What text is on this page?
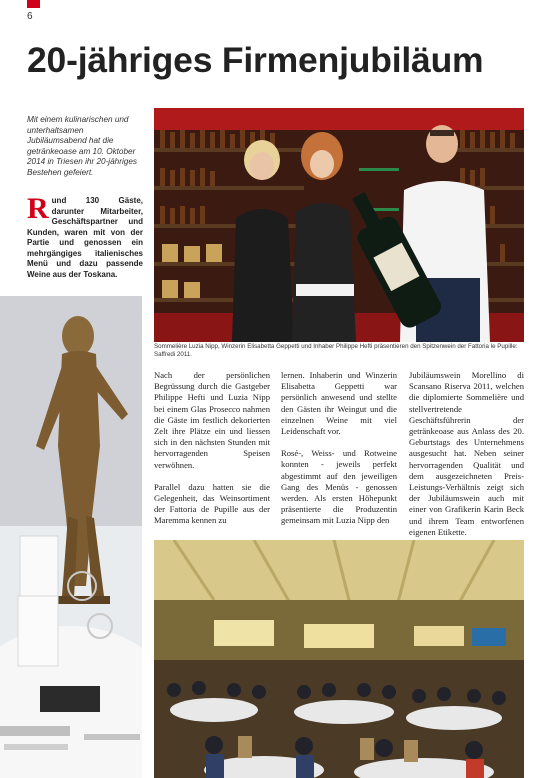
6
20-jähriges Firmenjubiläum
Mit einem kulinarischen und unterhaltsamen Jubiläumsabend hat die getränkeoase am 10. Oktober 2014 in Triesen ihr 20-jähriges Bestehen gefeiert.
R und 130 Gäste, darunter Mitarbeiter, Geschäftspartner und Kunden, waren mit von der Partie und genossen ein mehrgängiges italienisches Menü und dazu passende Weine aus der Toskana.
Sommelière Luzia Nipp, Winzerin Elisabetta Geppetti und Inhaber Philippe Hefti präsentieren den Spitzenwein der Fattoria le Pupille: Saffredi 2011.

Nach der persönlichen Begrüssung durch die Gastgeber Philippe Hefti und Luzia Nipp bei einem Glas Prosecco nahmen die Gäste im festlich dekorierten Zelt ihre Plätze ein und liessen sich in den nächsten Stunden mit hervorragenden Speisen verwöhnen.

Parallel dazu hatten sie die Gelegenheit, das Weinsortiment der Fattoria de Pupille aus der Maremma kennen zu

lernen. Inhaberin und Winzerin Elisabetta Geppetti war persönlich anwesend und stellte den Gästen ihr Weingut und die einzelnen Weine mit viel Leidenschaft vor.

Rosé-, Weiss- und Rotweine konnten - jeweils perfekt abgestimmt auf den jeweiligen Gang des Menüs - genossen werden. Als ersten Höhepunkt präsentierte die Produzentin gemeinsam mit Luzia Nipp den

Jubiläumswein Morellino di Scansano Riserva 2011, welchen die diplomierte Sommelière und stellvertretende Geschäftsführerin der getränkeoase aus Anlass des 20. Geburtstags des Unternehmens ausgesucht hat. Neben seiner hervorragenden Qualität und dem ausgezeichneten Preis-Leistungs-Verhältnis zeigt sich der Jubiläumswein auch mit einer von Grafikerin Karin Beck und ihrem Team entworfenen eigenen Etikette.
